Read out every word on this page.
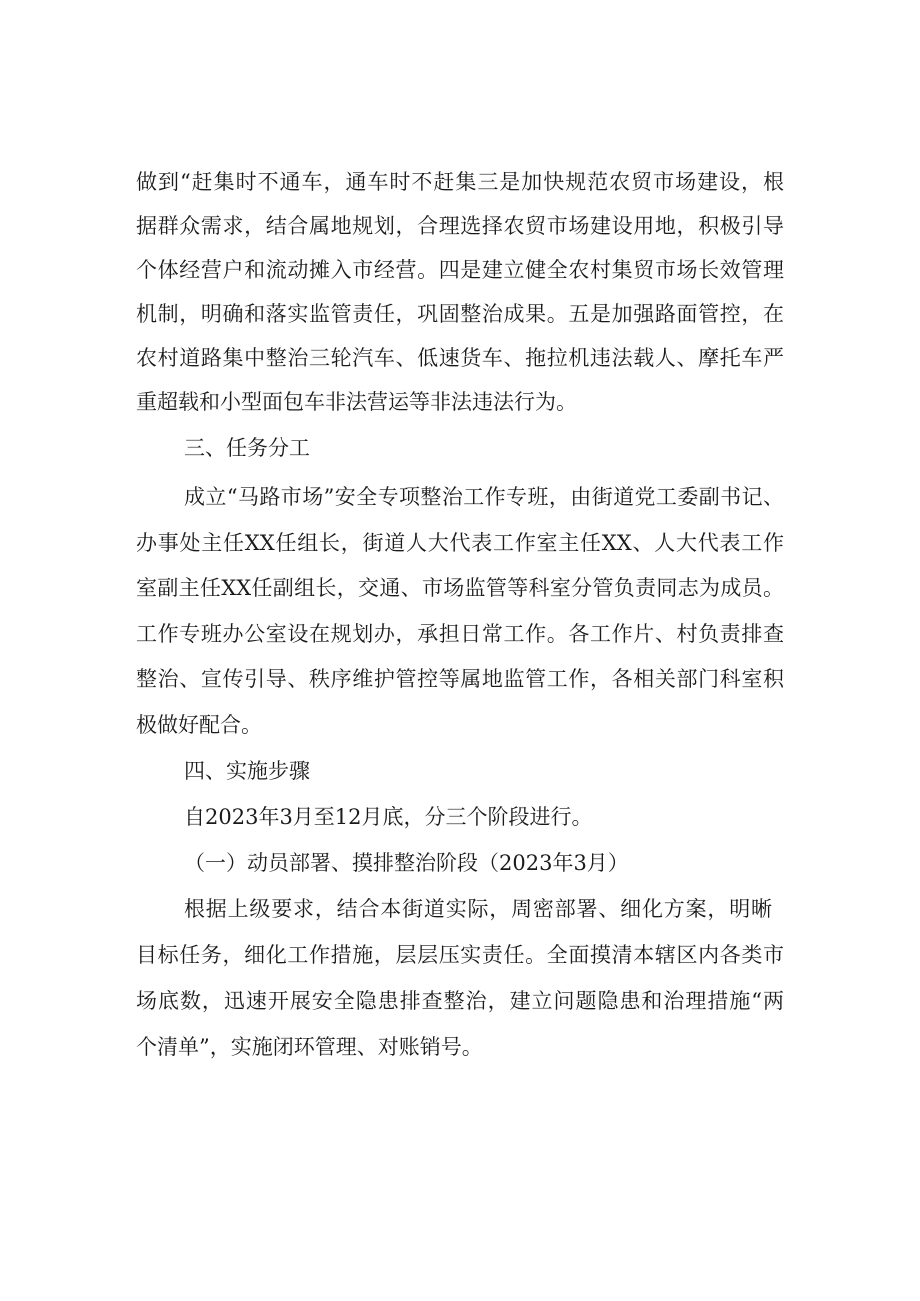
做到“赶集时不通车，通车时不赶集三是加快规范农贸市场建设，根
据群众需求，结合属地规划，合理选择农贸市场建设用地，积极引导
个体经营户和流动摊入市经营。四是建立健全农村集贸市场长效管理
机制，明确和落实监管责任，巩固整治成果。五是加强路面管控，在
农村道路集中整治三轮汽车、低速货车、拖拉机违法载人、摩托车严
重超载和小型面包车非法营运等非法违法行为。
三、任务分工
成立“马路市场”安全专项整治工作专班，由街道党工委副书记、
办事处主任XX任组长，街道人大代表工作室主任XX、人大代表工作
室副主任XX任副组长，交通、市场监管等科室分管负责同志为成员。
工作专班办公室设在规划办，承担日常工作。各工作片、村负责排查
整治、宣传引导、秩序维护管控等属地监管工作，各相关部门科室积
极做好配合。
四、实施步骤
自2023年3月至12月底，分三个阶段进行。
（一）动员部署、摸排整治阶段（2023年3月）
根据上级要求，结合本街道实际，周密部署、细化方案，明晰
目标任务，细化工作措施，层层压实责任。全面摸清本辖区内各类市
场底数，迅速开展安全隐患排查整治，建立问题隐患和治理措施“两
个清单”，实施闭环管理、对账销号。
